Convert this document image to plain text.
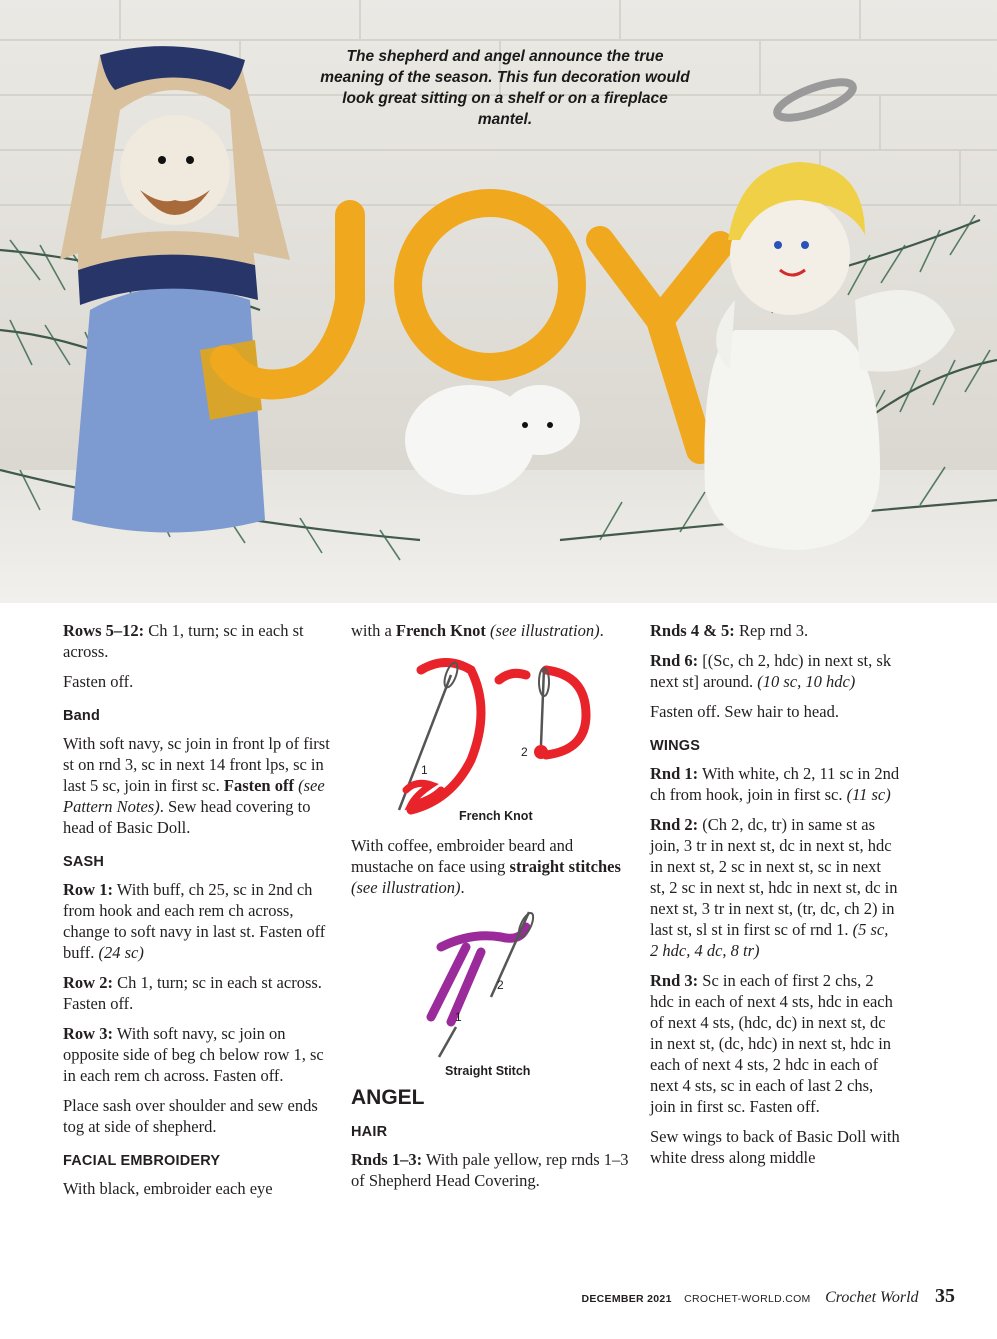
The shepherd and angel announce the true meaning of the season. This fun decoration would look great sitting on a shelf or on a fireplace mantel.

Rows 5–12: Ch 1, turn; sc in each st across.

Fasten off.

Band

With soft navy, sc join in front lp of first st on rnd 3, sc in next 14 front lps, sc in last 5 sc, join in first sc. Fasten off (see Pattern Notes). Sew head covering to head of Basic Doll.

SASH

Row 1: With buff, ch 25, sc in 2nd ch from hook and each rem ch across, change to soft navy in last st. Fasten off buff. (24 sc)

Row 2: Ch 1, turn; sc in each st across. Fasten off.

Row 3: With soft navy, sc join on opposite side of beg ch below row 1, sc in each rem ch across. Fasten off.

Place sash over shoulder and sew ends tog at side of shepherd.

FACIAL EMBROIDERY

With black, embroider each eye

with a French Knot (see illustration).

1
2
French Knot

With coffee, embroider beard and mustache on face using straight stitches (see illustration).

1
2
Straight Stitch
ANGEL
HAIR

Rnds 1–3: With pale yellow, rep rnds 1–3 of Shepherd Head Covering.

Rnds 4 & 5: Rep rnd 3.

Rnd 6: [(Sc, ch 2, hdc) in next st, sk next st] around. (10 sc, 10 hdc)

Fasten off. Sew hair to head.

WINGS

Rnd 1: With white, ch 2, 11 sc in 2nd ch from hook, join in first sc. (11 sc)

Rnd 2: (Ch 2, dc, tr) in same st as join, 3 tr in next st, dc in next st, hdc in next st, 2 sc in next st, sc in next st, 2 sc in next st, hdc in next st, dc in next st, 3 tr in next st, (tr, dc, ch 2) in last st, sl st in first sc of rnd 1. (5 sc, 2 hdc, 4 dc, 8 tr)

Rnd 3: Sc in each of first 2 chs, 2 hdc in each of next 4 sts, hdc in each of next 4 sts, (hdc, dc) in next st, dc in next st, (dc, hdc) in next st, hdc in each of next 4 sts, 2 hdc in each of next 4 sts, sc in each of last 2 chs, join in first sc. Fasten off.

Sew wings to back of Basic Doll with white dress along middle

DECEMBER 2021 CROCHET-WORLD.COM Crochet World 35
